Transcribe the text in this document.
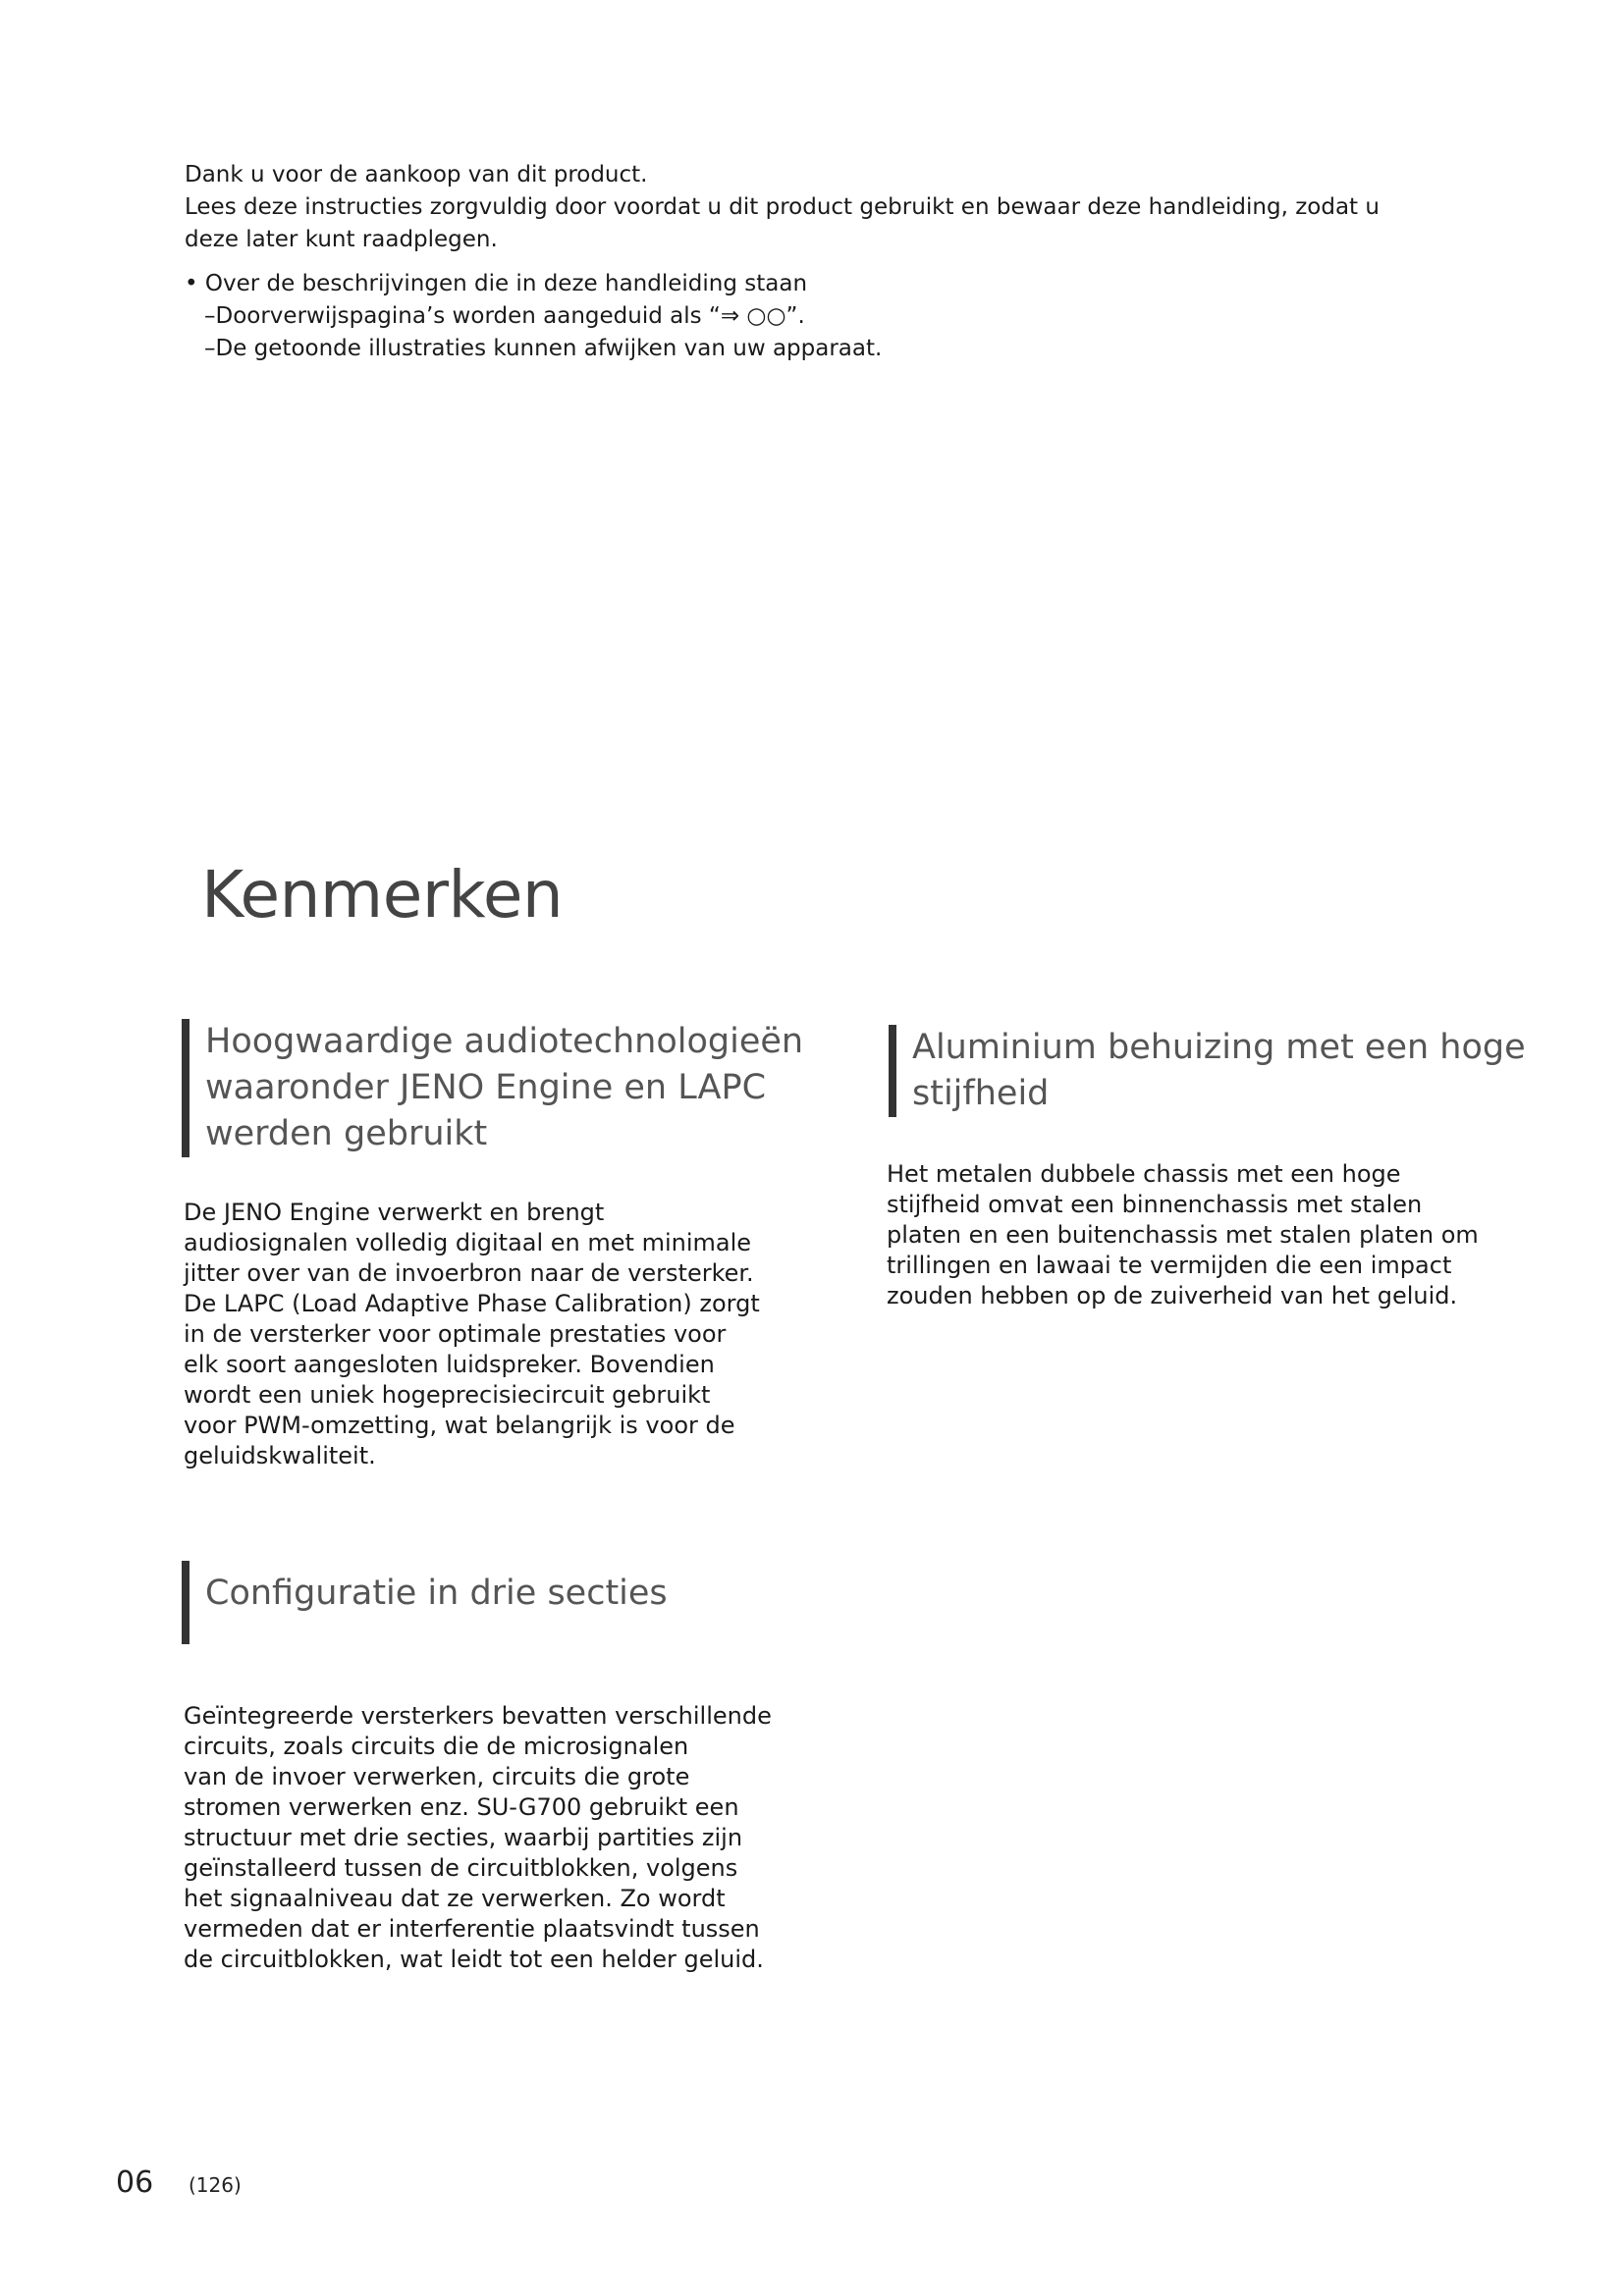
Dank u voor de aankoop van dit product.

Lees deze instructies zorgvuldig door voordat u dit product gebruikt en bewaar deze handleiding, zodat u

deze later kunt raadplegen.

• Over de beschrijvingen die in deze handleiding staan

–Doorverwijspagina’s worden aangeduid als “⇒ ○○”.

–De getoonde illustraties kunnen afwijken van uw apparaat.

Kenmerken
Hoogwaardige audiotechnologieën
waaronder JENO Engine en LAPC
werden gebruikt
De JENO Engine verwerkt en brengt
audiosignalen volledig digitaal en met minimale
jitter over van de invoerbron naar de versterker.
De LAPC (Load Adaptive Phase Calibration) zorgt
in de versterker voor optimale prestaties voor
elk soort aangesloten luidspreker. Bovendien
wordt een uniek hogeprecisiecircuit gebruikt
voor PWM-omzetting, wat belangrijk is voor de
geluidskwaliteit.
Aluminium behuizing met een hoge
stijfheid
Het metalen dubbele chassis met een hoge
stijfheid omvat een binnenchassis met stalen
platen en een buitenchassis met stalen platen om
trillingen en lawaai te vermijden die een impact
zouden hebben op de zuiverheid van het geluid.
Configuratie in drie secties
Geïntegreerde versterkers bevatten verschillende
circuits, zoals circuits die de microsignalen
van de invoer verwerken, circuits die grote
stromen verwerken enz. SU-G700 gebruikt een
structuur met drie secties, waarbij partities zijn
geïnstalleerd tussen de circuitblokken, volgens
het signaalniveau dat ze verwerken. Zo wordt
vermeden dat er interferentie plaatsvindt tussen
de circuitblokken, wat leidt tot een helder geluid.
06 (126)
